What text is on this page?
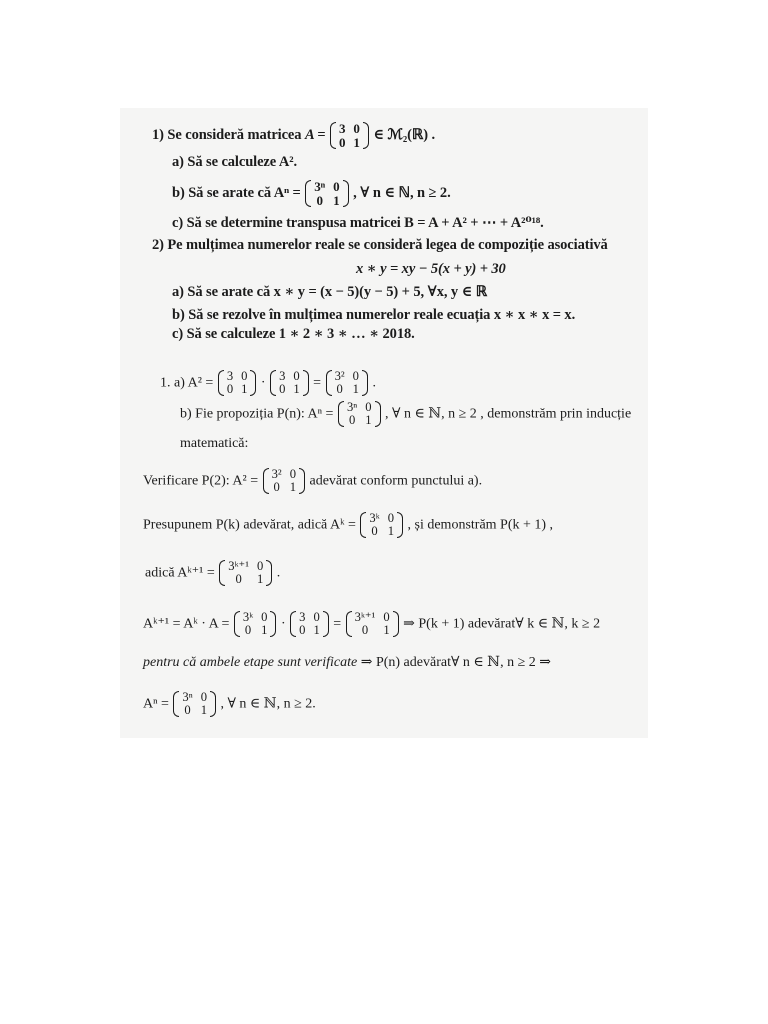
1) Se consideră matricea A = 3	0
0	1 ∈ ℳ₂(ℝ) .
a) Să se calculeze A².
b) Să se arate că Aⁿ = 3ⁿ	0
0	1 , ∀ n ∈ ℕ, n ≥ 2.
c) Să se determine transpusa matricei B = A + A² + ⋯ + A²⁰¹⁸.
2) Pe mulțimea numerelor reale se consideră legea de compoziție asociativă
x ∗ y = xy − 5(x + y) + 30
a) Să se arate că x ∗ y = (x − 5)(y − 5) + 5, ∀x, y ∈ ℝ
b) Să se rezolve în mulțimea numerelor reale ecuația x ∗ x ∗ x = x.
c) Să se calculeze 1 ∗ 2 ∗ 3 ∗ … ∗ 2018.
1. a) A² = 3	0
0	1 · 3	0
0	1 = 3²	0
0	1 .
b) Fie propoziția P(n): Aⁿ = 3ⁿ	0
0	1 , ∀ n ∈ ℕ, n ≥ 2 , demonstrăm prin inducție
matematică:
Verificare P(2): A² = 3²	0
0	1 adevărat conform punctului a).
Presupunem P(k) adevărat, adică Aᵏ = 3ᵏ	0
0	1 , și demonstrăm P(k + 1) ,
adică Aᵏ⁺¹ = 3ᵏ⁺¹	0
0	1 .
Aᵏ⁺¹ = Aᵏ · A = 3ᵏ	0
0	1 · 3	0
0	1 = 3ᵏ⁺¹	0
0	1 ⇒ P(k + 1) adevărat∀ k ∈ ℕ, k ≥ 2
pentru că ambele etape sunt verificate ⇒ P(n) adevărat∀ n ∈ ℕ, n ≥ 2 ⇒
Aⁿ = 3ⁿ	0
0	1 , ∀ n ∈ ℕ, n ≥ 2.
